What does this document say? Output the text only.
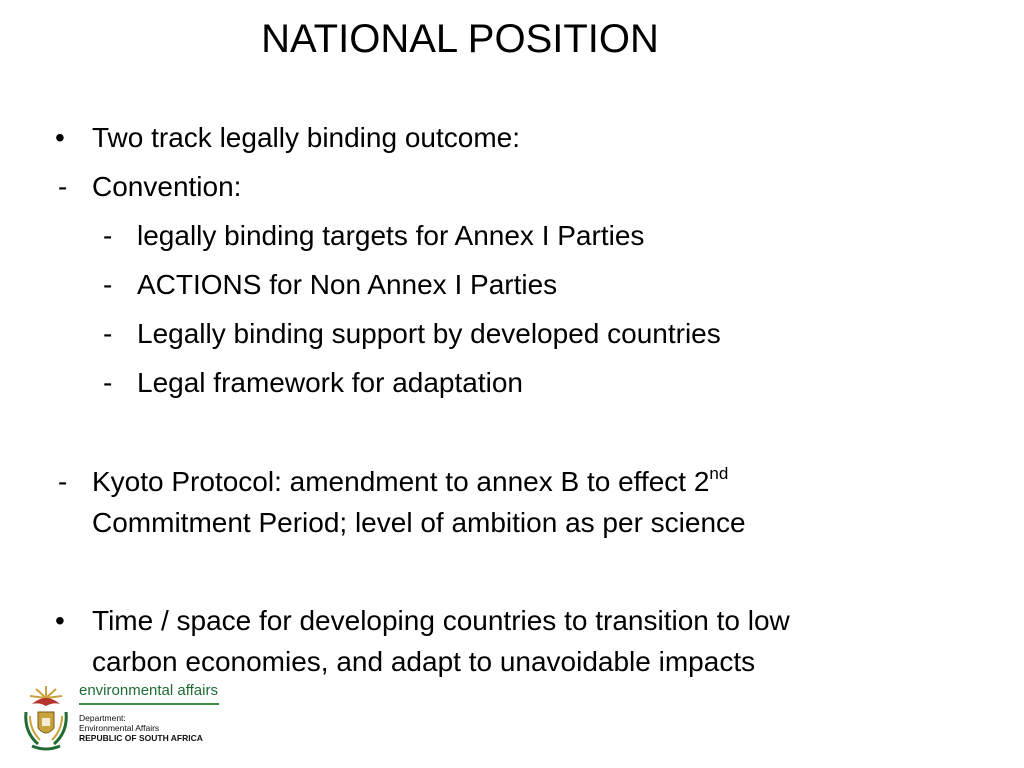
NATIONAL POSITION
• Two track legally binding outcome:
- Convention:
- legally binding targets for Annex I Parties
- ACTIONS for Non Annex I Parties
- Legally binding support by developed countries
- Legal framework for adaptation
- Kyoto Protocol: amendment to annex B to effect 2nd
Commitment Period; level of ambition as per science
• Time / space for developing countries to transition to low
carbon economies, and adapt to unavoidable impacts
environmental affairs
Department:
Environmental Affairs
REPUBLIC OF SOUTH AFRICA
